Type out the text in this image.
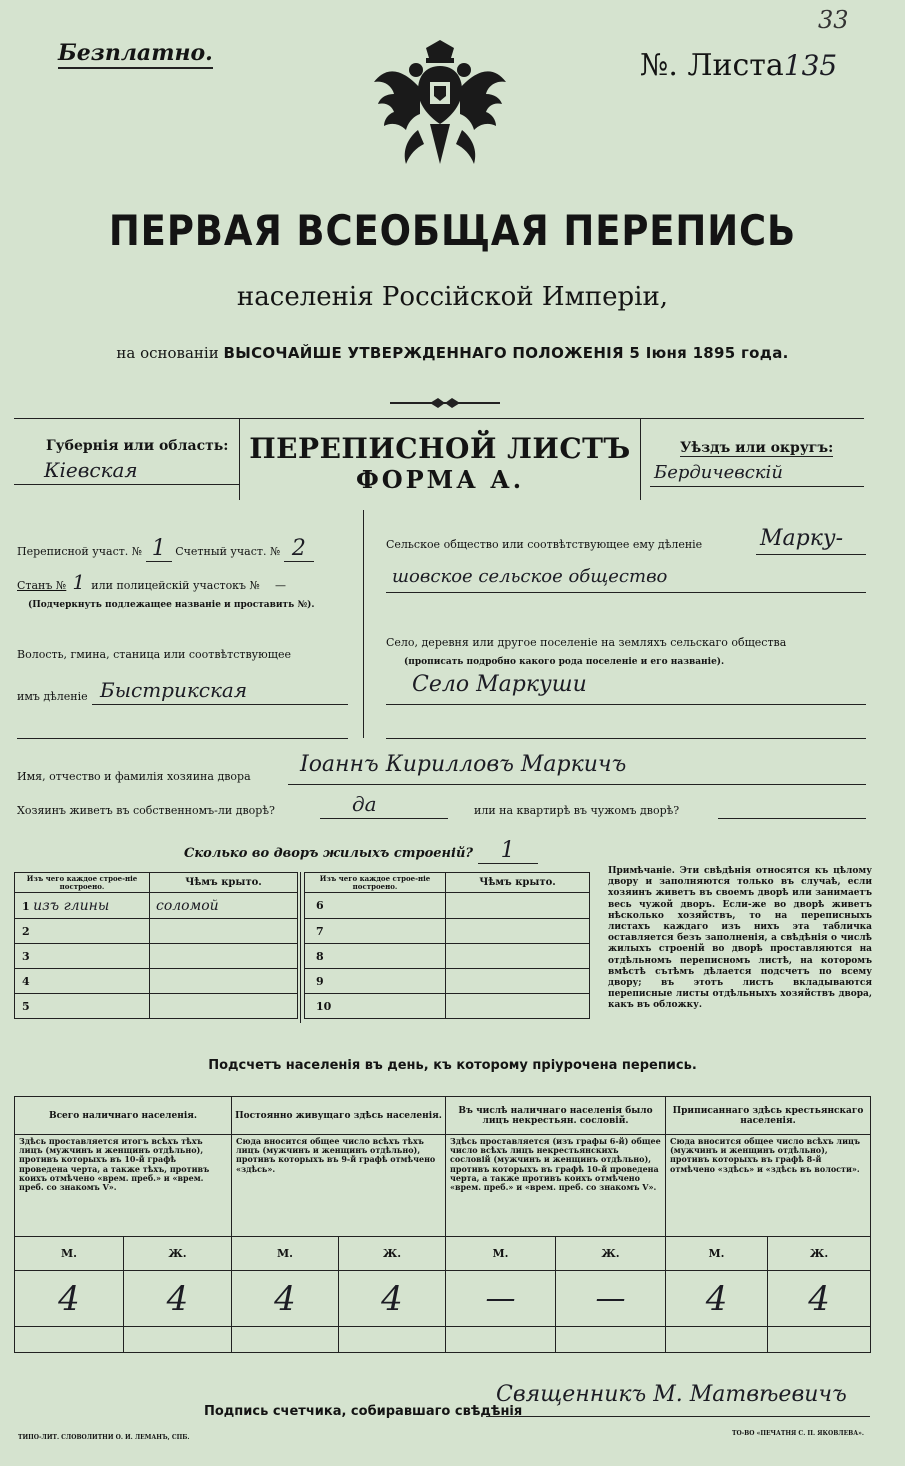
Безплатно.
33
№. Листа135
ПЕРВАЯ ВСЕОБЩАЯ ПЕРЕПИСЬ
населенія Россійской Имперіи,
на основаніи ВЫСОЧАЙШЕ УТВЕРЖДЕННАГО ПОЛОЖЕНІЯ 5 Іюня 1895 года.
Губернія или область:
Кіевская
ПЕРЕПИСНОЙ ЛИСТЪ
ФОРМА А.
Уѣздъ или округъ:
Бердичевскій
Переписной участ. № 1 Счетный участ. № 2
Станъ № 1 или полицейскій участокъ № —
(Подчеркнуть подлежащее названіе и проставить №).
Волость, гмина, станица или соотвѣтствующее
имъ дѣленіе Быстрикская
Сельское общество или соотвѣтствующее ему дѣленіе	Марку-
шовское сельское общество
Село, деревня или другое поселеніе на земляхъ сельскаго общества
(прописать подробно какого рода поселеніе и его названіе).
Село Маркуши
Имя, отчество и фамилія хозяина двора Іоаннъ Кирилловъ Маркичъ
Хозяинъ живетъ въ собственномъ-ли дворѣ?	да	или на квартирѣ въ чужомъ дворѣ?
Сколько во дворъ жилыхъ строеній? 1
Изъ чего каждое строе-ніе построено.	Чѣмъ крыто.
1 изъ глины	соломой
2	
3	
4	
5	
Изъ чего каждое строе-ніе построено.	Чѣмъ крыто.
6	
7	
8	
9	
10	
Примѣчаніе. Эти свѣдѣнія относятся къ цѣлому двору и заполняются только въ случаѣ, если хозяинъ живетъ въ своемъ дворѣ или занимаетъ весь чужой дворъ. Если-же во дворѣ живетъ нѣсколько хозяйствъ, то на переписныхъ листахъ каждаго изъ нихъ эта табличка оставляется безъ заполненія, а свѣдѣнія о числѣ жилыхъ строеній во дворѣ проставляются на отдѣльномъ переписномъ листѣ, на которомъ вмѣстѣ сътѣмъ дѣлается подсчетъ по всему двору; въ этотъ листъ вкладываются переписные листы отдѣльныхъ хозяйствъ двора, какъ въ обложку.
Подсчетъ населенія въ день, къ которому пріурочена перепись.
Всего наличнаго населенія.		Постоянно живущаго здѣсь населенія.		Въ числѣ наличнаго населенія было лицъ некрестьян. сословій.		Приписаннаго здѣсь крестьянскаго населенія.	
Здѣсь проставляется итогъ всѣхъ тѣхъ лицъ (мужчинъ и женщинъ отдѣльно), противъ которыхъ въ 10-й графѣ проведена черта, а также тѣхъ, противъ коихъ отмѣчено «врем. преб.» и «врем. преб. со знакомъ V».		Сюда вносится общее число всѣхъ тѣхъ лицъ (мужчинъ и женщинъ отдѣльно), противъ которыхъ въ 9-й графѣ отмѣчено «здѣсь».		Здѣсь проставляется (изъ графы 6-й) общее число всѣхъ лицъ некрестьянскихъ сословій (мужчинъ и женщинъ отдѣльно), противъ которыхъ въ графѣ 10-й проведена черта, а также противъ коихъ отмѣчено «врем. преб.» и «врем. преб. со знакомъ V».		Сюда вносится общее число всѣхъ лицъ (мужчинъ и женщинъ отдѣльно), противъ которыхъ въ графѣ 8-й отмѣчено «здѣсь» и «здѣсь въ волости».	
М.	Ж.	М.	Ж.	М.	Ж.	М.	Ж.
4	4	4	4	—	—	4	4

Подпись счетчика, собиравшаго свѣдѣнія
Священникъ М. Матвѣевичъ
ТИПО-ЛИТ. СЛОВОЛИТНИ О. И. ЛЕМАНЪ, СПБ.
ТО-ВО «ПЕЧАТНЯ С. П. ЯКОВЛЕВА».
